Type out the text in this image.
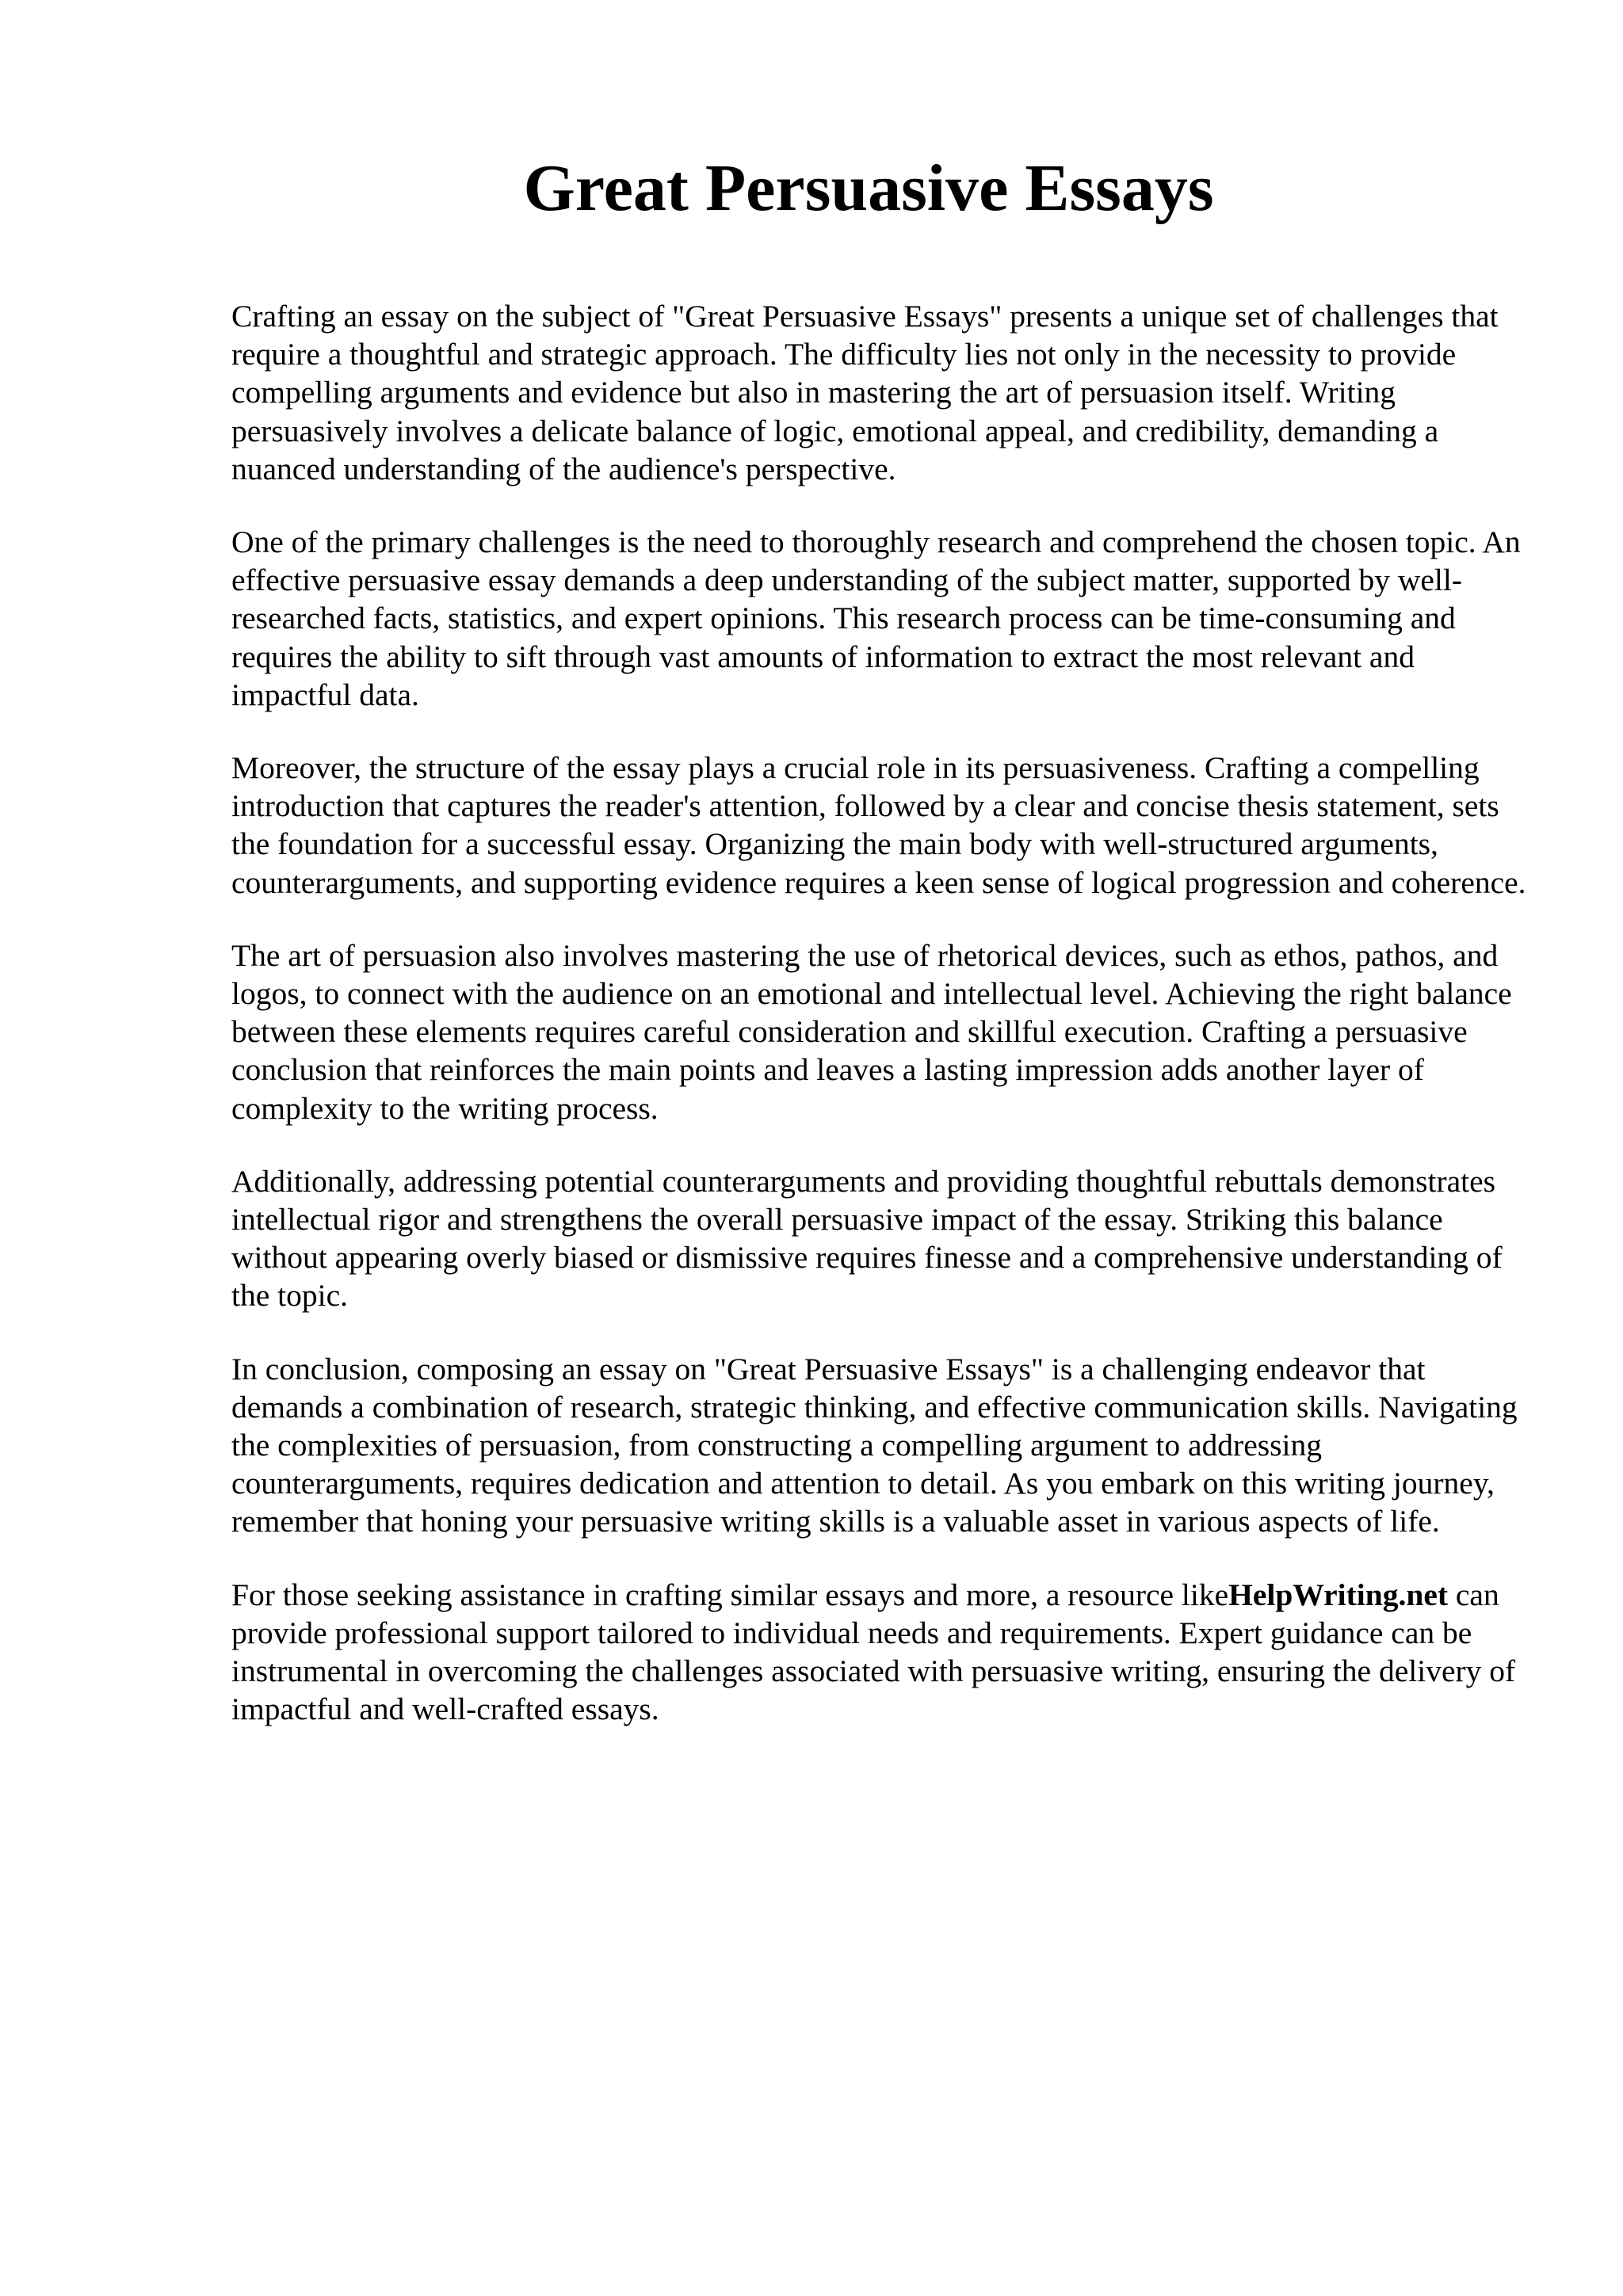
Great Persuasive Essays

Crafting an essay on the subject of "Great Persuasive Essays" presents a unique set of challenges that require a thoughtful and strategic approach. The difficulty lies not only in the necessity to provide compelling arguments and evidence but also in mastering the art of persuasion itself. Writing persuasively involves a delicate balance of logic, emotional appeal, and credibility, demanding a nuanced understanding of the audience's perspective.

One of the primary challenges is the need to thoroughly research and comprehend the chosen topic. An effective persuasive essay demands a deep understanding of the subject matter, supported by well-researched facts, statistics, and expert opinions. This research process can be time-consuming and requires the ability to sift through vast amounts of information to extract the most relevant and impactful data.

Moreover, the structure of the essay plays a crucial role in its persuasiveness. Crafting a compelling introduction that captures the reader's attention, followed by a clear and concise thesis statement, sets the foundation for a successful essay. Organizing the main body with well-structured arguments, counterarguments, and supporting evidence requires a keen sense of logical progression and coherence.

The art of persuasion also involves mastering the use of rhetorical devices, such as ethos, pathos, and logos, to connect with the audience on an emotional and intellectual level. Achieving the right balance between these elements requires careful consideration and skillful execution. Crafting a persuasive conclusion that reinforces the main points and leaves a lasting impression adds another layer of complexity to the writing process.

Additionally, addressing potential counterarguments and providing thoughtful rebuttals demonstrates intellectual rigor and strengthens the overall persuasive impact of the essay. Striking this balance without appearing overly biased or dismissive requires finesse and a comprehensive understanding of the topic.

In conclusion, composing an essay on "Great Persuasive Essays" is a challenging endeavor that demands a combination of research, strategic thinking, and effective communication skills. Navigating the complexities of persuasion, from constructing a compelling argument to addressing counterarguments, requires dedication and attention to detail. As you embark on this writing journey, remember that honing your persuasive writing skills is a valuable asset in various aspects of life.

For those seeking assistance in crafting similar essays and more, a resource likeHelpWriting.net can provide professional support tailored to individual needs and requirements. Expert guidance can be instrumental in overcoming the challenges associated with persuasive writing, ensuring the delivery of impactful and well-crafted essays.
